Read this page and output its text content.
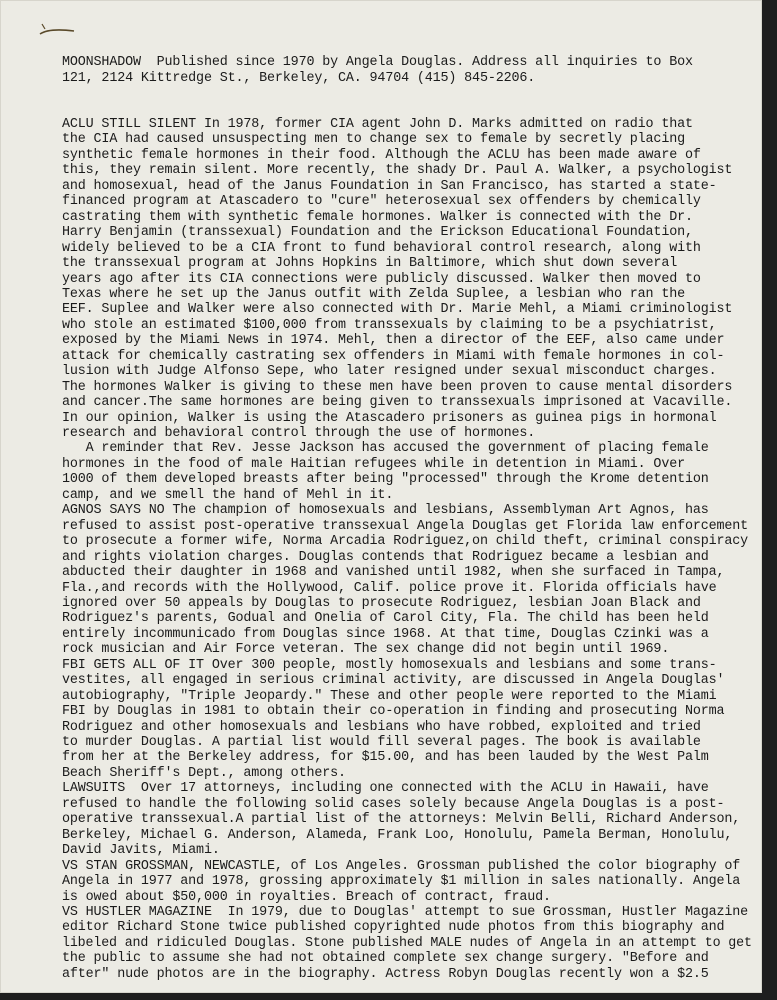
MOONSHADOW  Published since 1970 by Angela Douglas. Address all inquiries to Box
121, 2124 Kittredge St., Berkeley, CA. 94704 (415) 845-2206.
ACLU STILL SILENT In 1978, former CIA agent John D. Marks admitted on radio that
the CIA had caused unsuspecting men to change sex to female by secretly placing
synthetic female hormones in their food. Although the ACLU has been made aware of
this, they remain silent. More recently, the shady Dr. Paul A. Walker, a psychologist
and homosexual, head of the Janus Foundation in San Francisco, has started a state-
financed program at Atascadero to "cure" heterosexual sex offenders by chemically
castrating them with synthetic female hormones. Walker is connected with the Dr.
Harry Benjamin (transsexual) Foundation and the Erickson Educational Foundation,
widely believed to be a CIA front to fund behavioral control research, along with
the transsexual program at Johns Hopkins in Baltimore, which shut down several
years ago after its CIA connections were publicly discussed. Walker then moved to
Texas where he set up the Janus outfit with Zelda Suplee, a lesbian who ran the
EEF. Suplee and Walker were also connected with Dr. Marie Mehl, a Miami criminologist
who stole an estimated $100,000 from transsexuals by claiming to be a psychiatrist,
exposed by the Miami News in 1974. Mehl, then a director of the EEF, also came under
attack for chemically castrating sex offenders in Miami with female hormones in col-
lusion with Judge Alfonso Sepe, who later resigned under sexual misconduct charges.
The hormones Walker is giving to these men have been proven to cause mental disorders
and cancer.The same hormones are being given to transsexuals imprisoned at Vacaville.
In our opinion, Walker is using the Atascadero prisoners as guinea pigs in hormonal
research and behavioral control through the use of hormones.
A reminder that Rev. Jesse Jackson has accused the government of placing female
hormones in the food of male Haitian refugees while in detention in Miami. Over
1000 of them developed breasts after being "processed" through the Krome detention
camp, and we smell the hand of Mehl in it.
AGNOS SAYS NO The champion of homosexuals and lesbians, Assemblyman Art Agnos, has
refused to assist post-operative transsexual Angela Douglas get Florida law enforcement
to prosecute a former wife, Norma Arcadia Rodriguez,on child theft, criminal conspiracy
and rights violation charges. Douglas contends that Rodriguez became a lesbian and
abducted their daughter in 1968 and vanished until 1982, when she surfaced in Tampa,
Fla.,and records with the Hollywood, Calif. police prove it. Florida officials have
ignored over 50 appeals by Douglas to prosecute Rodriguez, lesbian Joan Black and
Rodriguez's parents, Godual and Onelia of Carol City, Fla. The child has been held
entirely incommunicado from Douglas since 1968. At that time, Douglas Czinki was a
rock musician and Air Force veteran. The sex change did not begin until 1969.
FBI GETS ALL OF IT Over 300 people, mostly homosexuals and lesbians and some trans-
vestites, all engaged in serious criminal activity, are discussed in Angela Douglas'
autobiography, "Triple Jeopardy." These and other people were reported to the Miami
FBI by Douglas in 1981 to obtain their co-operation in finding and prosecuting Norma
Rodriguez and other homosexuals and lesbians who have robbed, exploited and tried
to murder Douglas. A partial list would fill several pages. The book is available
from her at the Berkeley address, for $15.00, and has been lauded by the West Palm
Beach Sheriff's Dept., among others.
LAWSUITS  Over 17 attorneys, including one connected with the ACLU in Hawaii, have
refused to handle the following solid cases solely because Angela Douglas is a post-
operative transsexual.A partial list of the attorneys: Melvin Belli, Richard Anderson,
Berkeley, Michael G. Anderson, Alameda, Frank Loo, Honolulu, Pamela Berman, Honolulu,
David Javits, Miami.
VS STAN GROSSMAN, NEWCASTLE, of Los Angeles. Grossman published the color biography of
Angela in 1977 and 1978, grossing approximately $1 million in sales nationally. Angela
is owed about $50,000 in royalties. Breach of contract, fraud.
VS HUSTLER MAGAZINE  In 1979, due to Douglas' attempt to sue Grossman, Hustler Magazine
editor Richard Stone twice published copyrighted nude photos from this biography and
libeled and ridiculed Douglas. Stone published MALE nudes of Angela in an attempt to get
the public to assume she had not obtained complete sex change surgery. "Before and
after" nude photos are in the biography. Actress Robyn Douglas recently won a $2.5
